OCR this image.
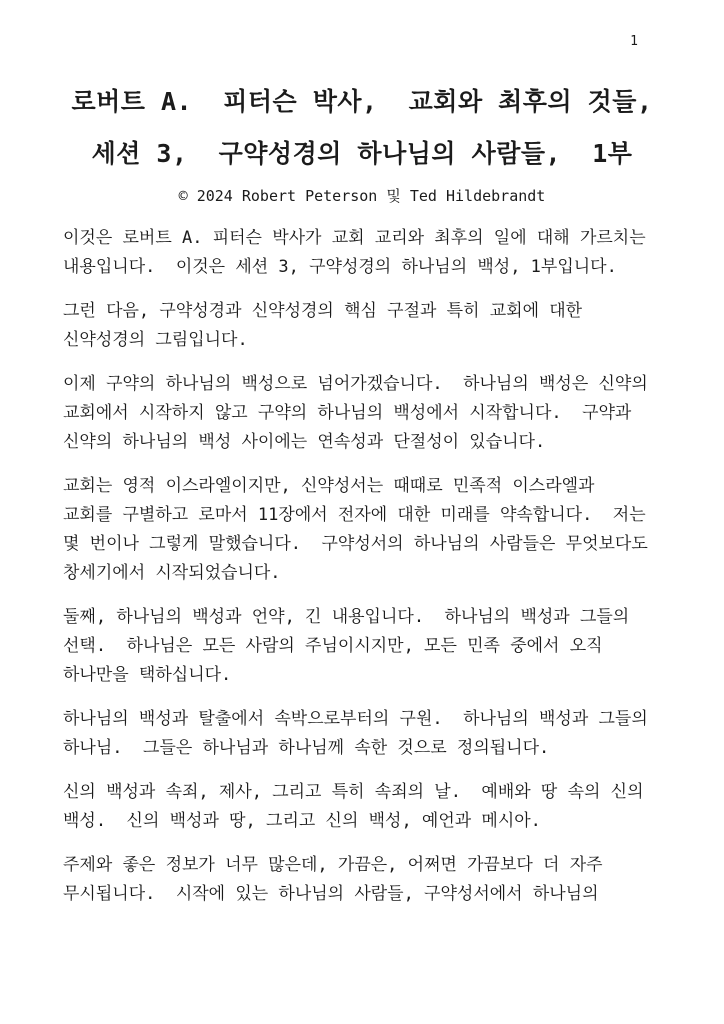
1
로버트 A.  피터슨 박사,  교회와 최후의 것들,
세션 3,  구약성경의 하나님의 사람들,  1부
© 2024 Robert Peterson 및 Ted Hildebrandt
이것은 로버트 A. 피터슨 박사가 교회 교리와 최후의 일에 대해 가르치는
내용입니다.  이것은 세션 3, 구약성경의 하나님의 백성, 1부입니다.
그런 다음, 구약성경과 신약성경의 핵심 구절과 특히 교회에 대한
신약성경의 그림입니다.
이제 구약의 하나님의 백성으로 넘어가겠습니다.  하나님의 백성은 신약의
교회에서 시작하지 않고 구약의 하나님의 백성에서 시작합니다.  구약과
신약의 하나님의 백성 사이에는 연속성과 단절성이 있습니다.
교회는 영적 이스라엘이지만, 신약성서는 때때로 민족적 이스라엘과
교회를 구별하고 로마서 11장에서 전자에 대한 미래를 약속합니다.  저는
몇 번이나 그렇게 말했습니다.  구약성서의 하나님의 사람들은 무엇보다도
창세기에서 시작되었습니다.
둘째, 하나님의 백성과 언약, 긴 내용입니다.  하나님의 백성과 그들의
선택.  하나님은 모든 사람의 주님이시지만, 모든 민족 중에서 오직
하나만을 택하십니다.
하나님의 백성과 탈출에서 속박으로부터의 구원.  하나님의 백성과 그들의
하나님.  그들은 하나님과 하나님께 속한 것으로 정의됩니다.
신의 백성과 속죄, 제사, 그리고 특히 속죄의 날.  예배와 땅 속의 신의
백성.  신의 백성과 땅, 그리고 신의 백성, 예언과 메시아.
주제와 좋은 정보가 너무 많은데, 가끔은, 어쩌면 가끔보다 더 자주
무시됩니다.  시작에 있는 하나님의 사람들, 구약성서에서 하나님의
